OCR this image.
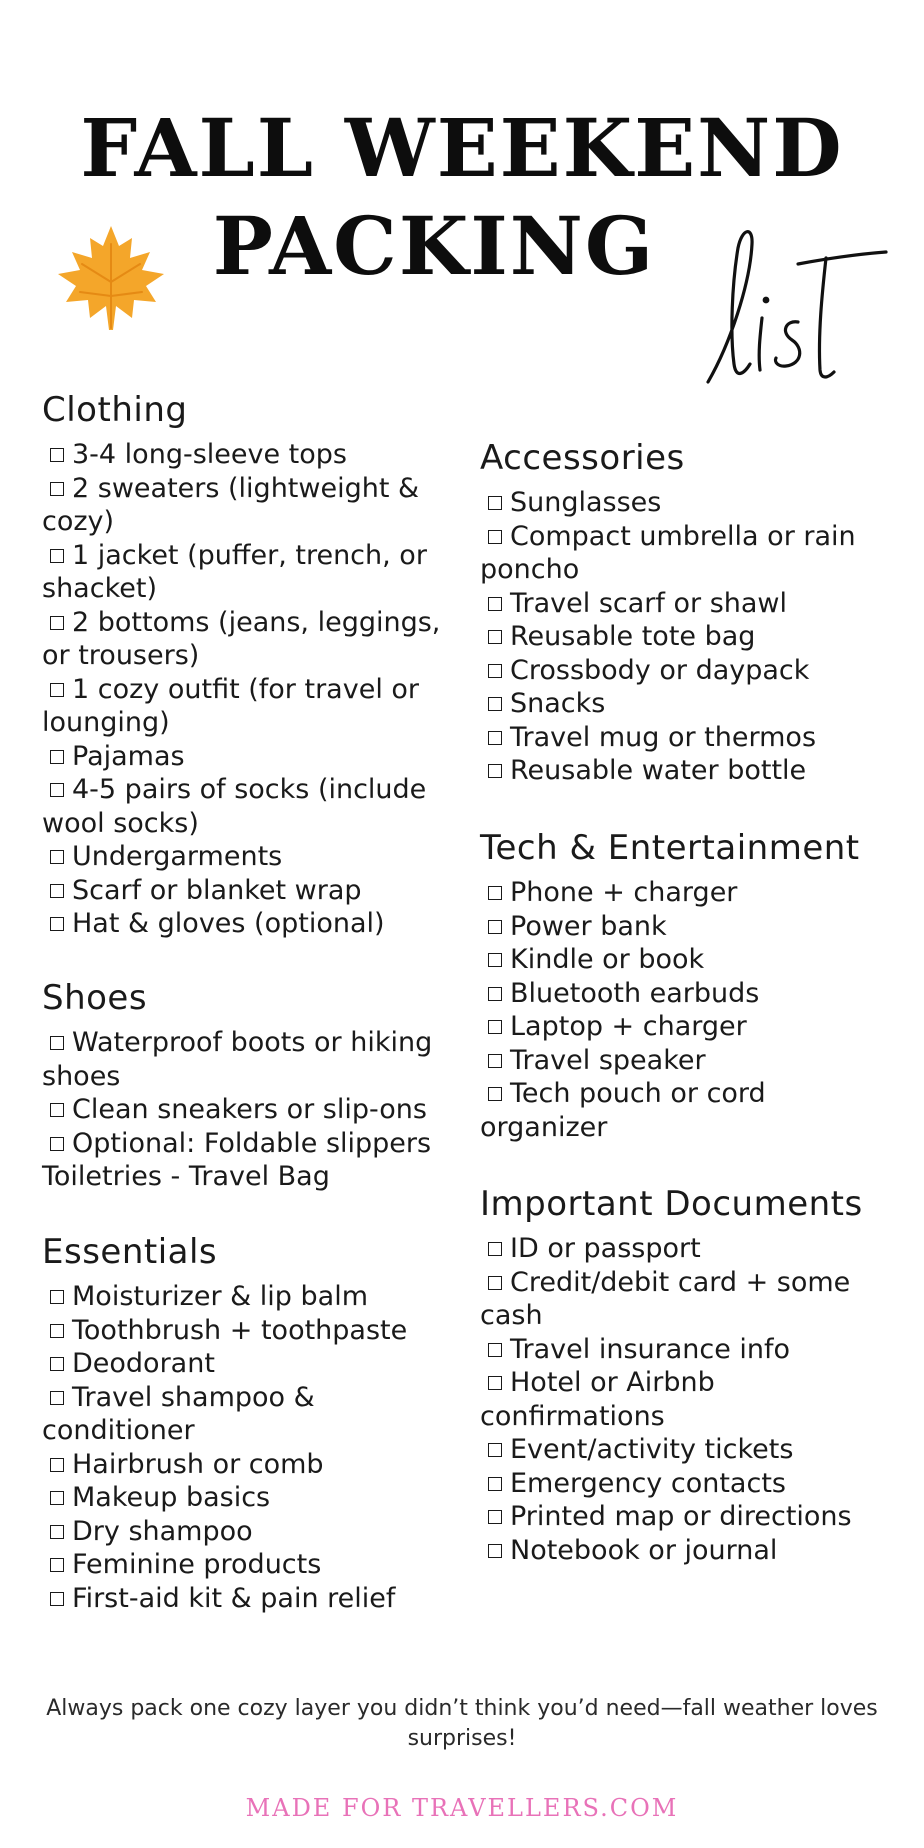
FALL WEEKEND
PACKING
Clothing
3-4 long-sleeve tops
2 sweaters (lightweight & cozy)
1 jacket (puffer, trench, or shacket)
2 bottoms (jeans, leggings, or trousers)
1 cozy outfit (for travel or lounging)
Pajamas
4-5 pairs of socks (include wool socks)
Undergarments
Scarf or blanket wrap
Hat & gloves (optional)
Shoes
Waterproof boots or hiking shoes
Clean sneakers or slip-ons
Optional: Foldable slippers

Toiletries - Travel Bag

Essentials
Moisturizer & lip balm
Toothbrush + toothpaste
Deodorant
Travel shampoo & conditioner
Hairbrush or comb
Makeup basics
Dry shampoo
Feminine products
First-aid kit & pain relief
Accessories
Sunglasses
Compact umbrella or rain poncho
Travel scarf or shawl
Reusable tote bag
Crossbody or daypack
Snacks
Travel mug or thermos
Reusable water bottle
Tech & Entertainment
Phone + charger
Power bank
Kindle or book
Bluetooth earbuds
Laptop + charger
Travel speaker
Tech pouch or cord organizer
Important Documents
ID or passport
Credit/debit card + some cash
Travel insurance info
Hotel or Airbnb confirmations
Event/activity tickets
Emergency contacts
Printed map or directions
Notebook or journal

Always pack one cozy layer you didn’t think you’d need—fall weather loves surprises!

MADE FOR TRAVELLERS.COM
